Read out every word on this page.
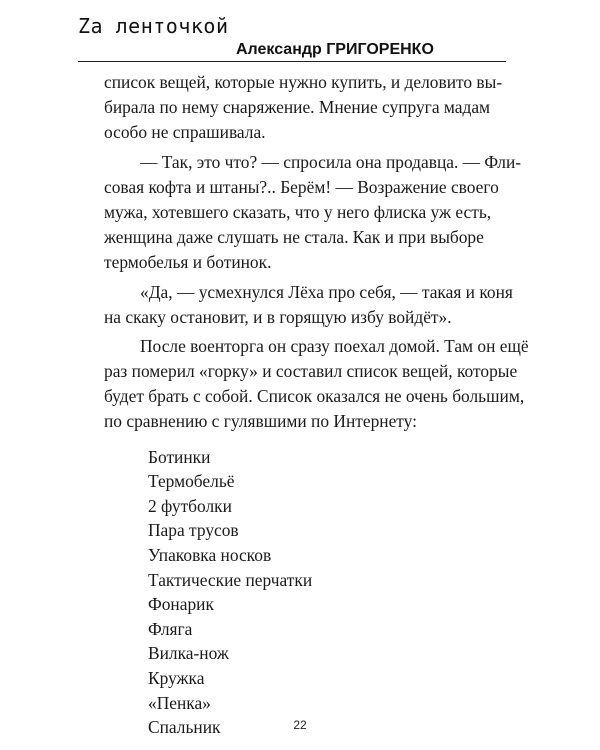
Zа ленточкой
Александр ГРИГОРЕНКО
список вещей, которые нужно купить, и деловито вы-
бирала по нему снаряжение. Мнение супруга мадам
особо не спрашивала.
— Так, это что? — спросила она продавца. — Фли-
совая кофта и штаны?.. Берём! — Возражение своего
мужа, хотевшего сказать, что у него флиска уж есть,
женщина даже слушать не стала. Как и при выборе
термобелья и ботинок.
«Да, — усмехнулся Лёха про себя, — такая и коня
на скаку остановит, и в горящую избу войдёт».
После военторга он сразу поехал домой. Там он ещё
раз померил «горку» и составил список вещей, которые
будет брать с собой. Список оказался не очень большим,
по сравнению с гулявшими по Интернету:
Ботинки
Термобельё
2 футболки
Пара трусов
Упаковка носков
Тактические перчатки
Фонарик
Фляга
Вилка-нож
Кружка
«Пенка»
Спальник	22
